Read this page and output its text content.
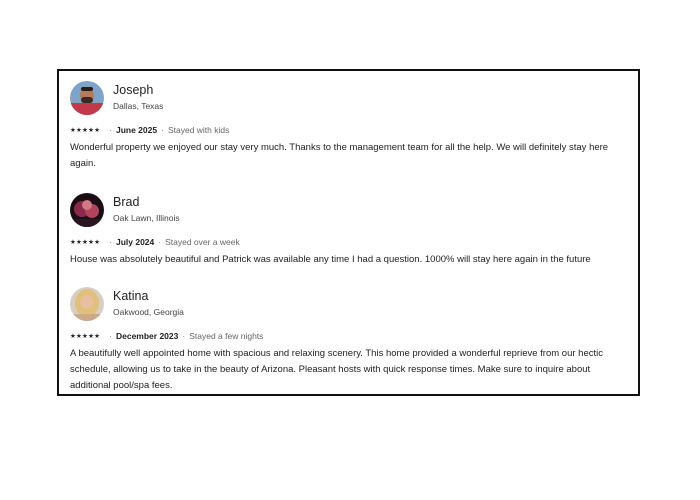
Joseph
Dallas, Texas
★★★★★ · June 2025 · Stayed with kids
Wonderful property we enjoyed our stay very much. Thanks to the management team for all the help. We will definitely stay here again.
Brad
Oak Lawn, Illinois
★★★★★ · July 2024 · Stayed over a week
House was absolutely beautiful and Patrick was available any time I had a question. 1000% will stay here again in the future
Katina
Oakwood, Georgia
★★★★★ · December 2023 · Stayed a few nights
A beautifully well appointed home with spacious and relaxing scenery. This home provided a wonderful reprieve from our hectic schedule, allowing us to take in the beauty of Arizona. Pleasant hosts with quick response times. Make sure to inquire about additional pool/spa fees.
